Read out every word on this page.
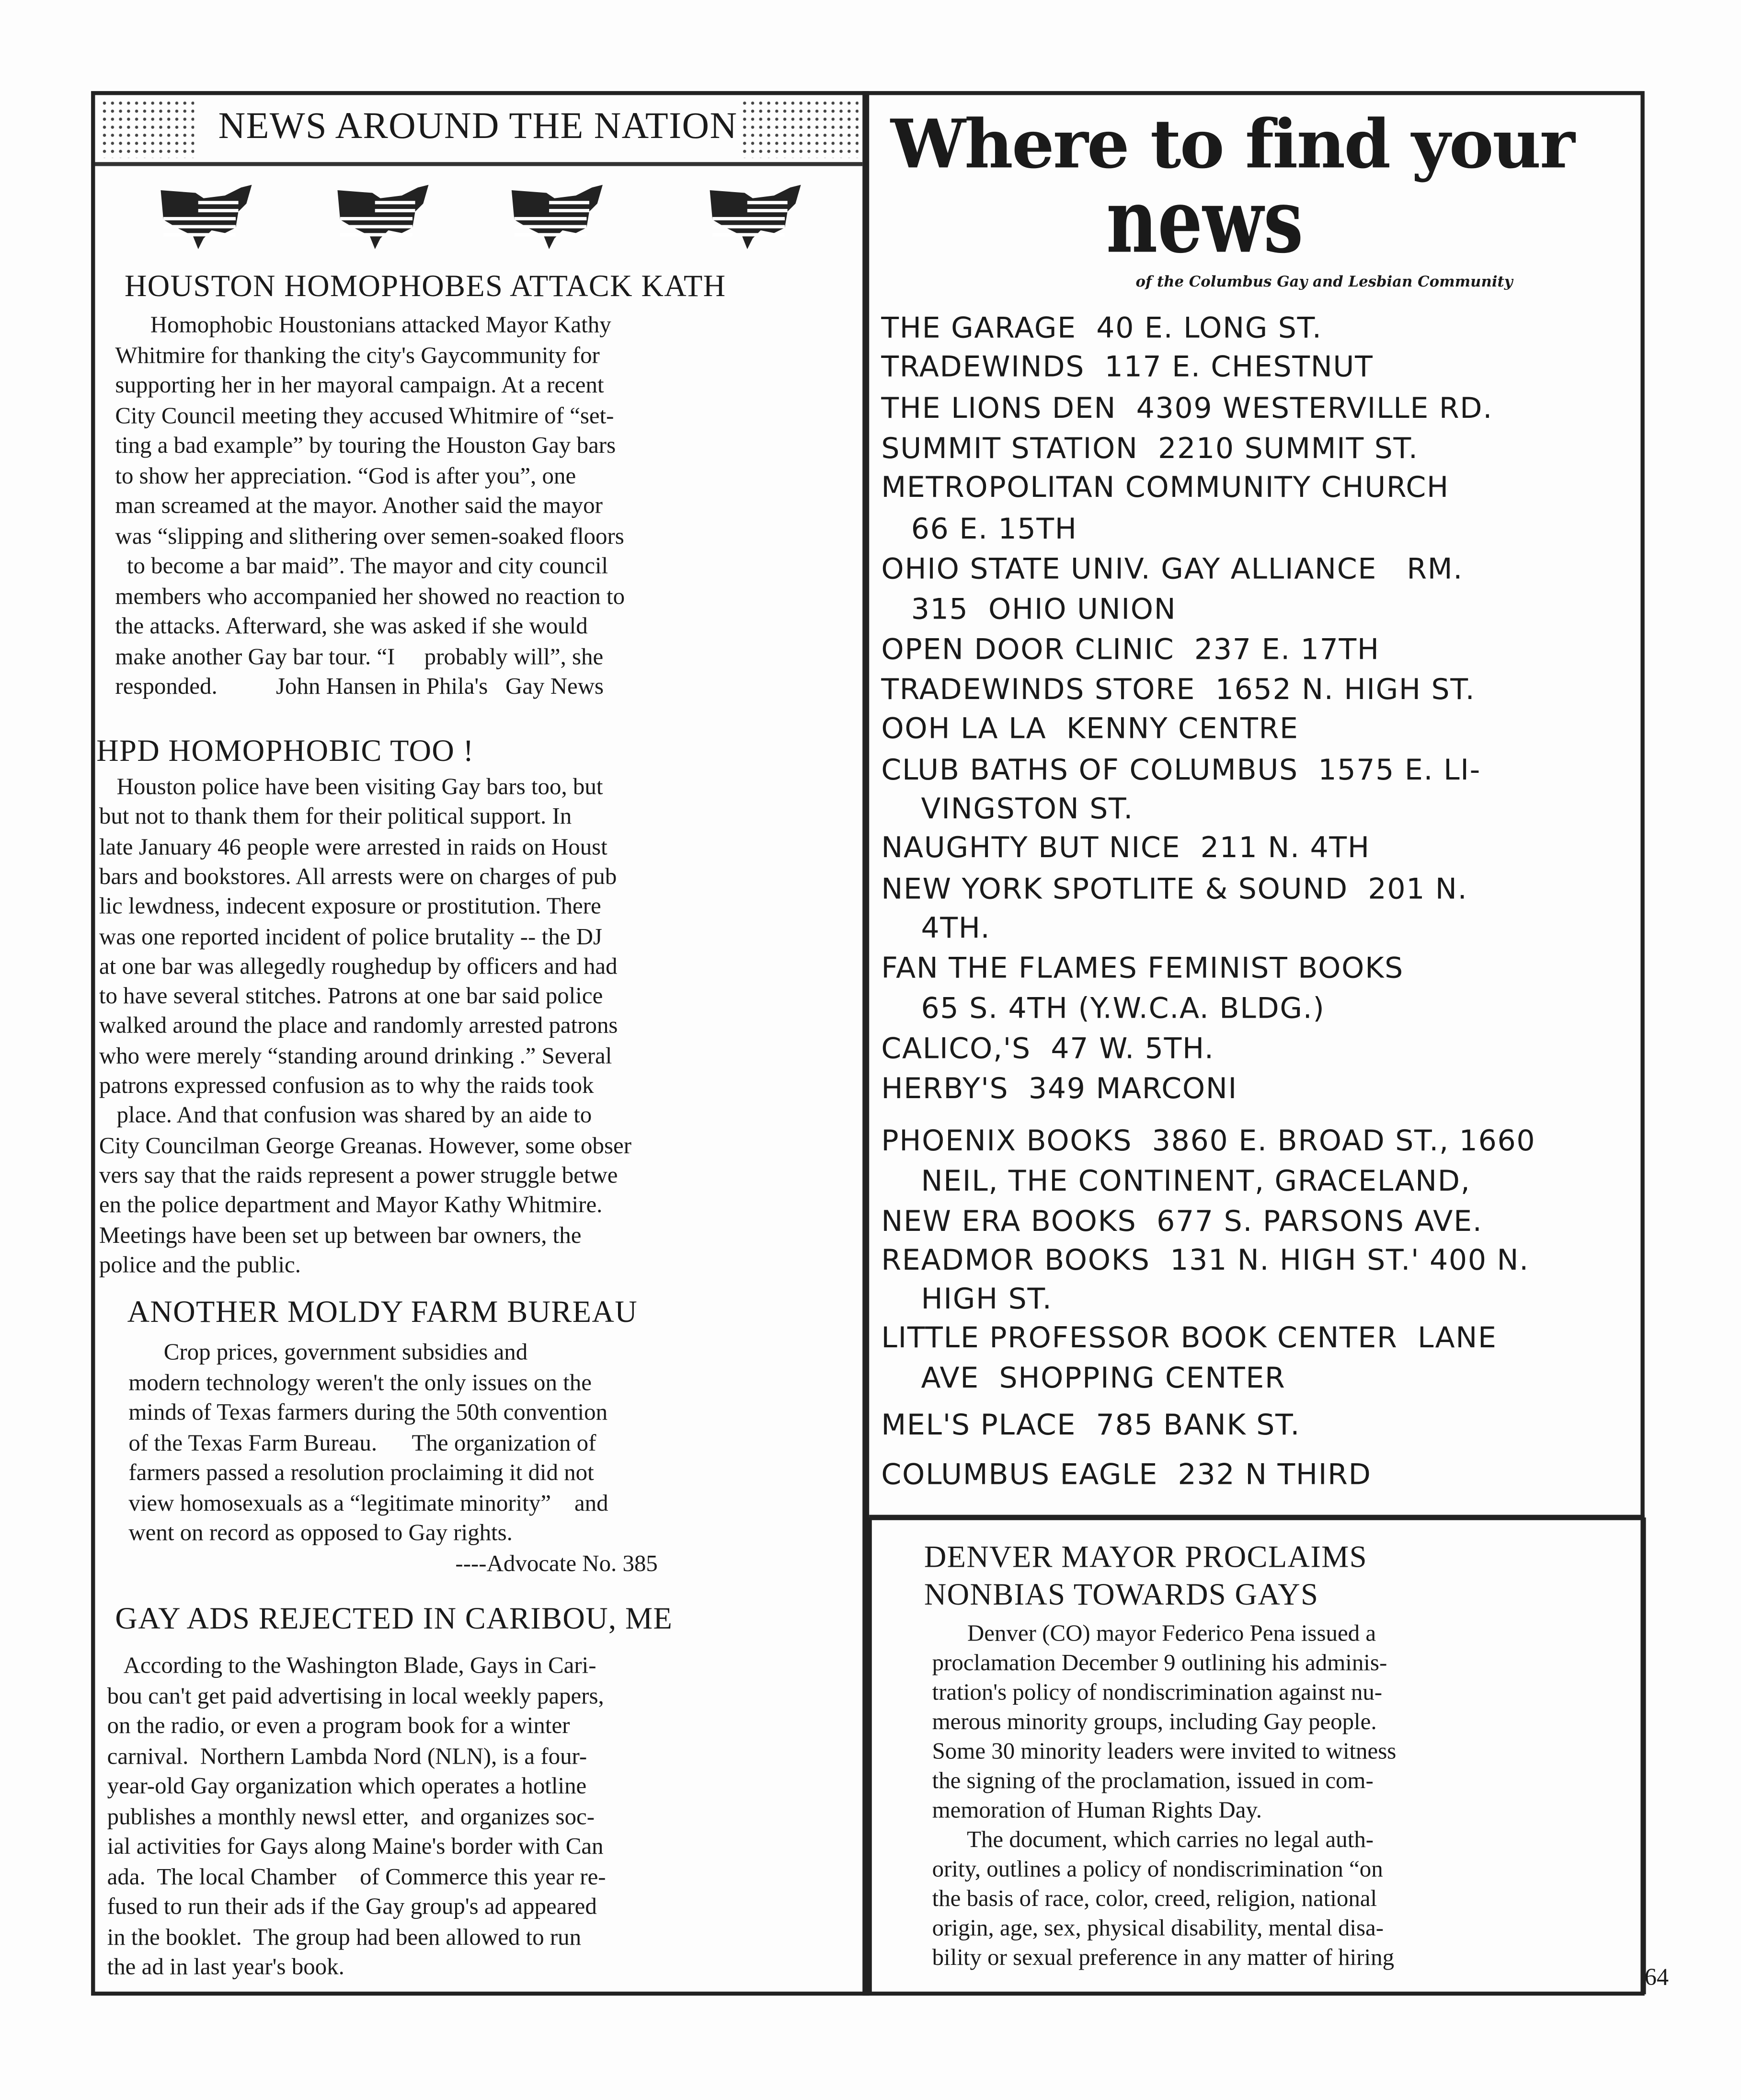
NEWS AROUND THE NATION	Where to find your
news
of the Columbus Gay and Lesbian Community
64
HOUSTON HOMOPHOBES ATTACK KATH
Homophobic Houstonians attacked Mayor Kathy
Whitmire for thanking the city's Gaycommunity for
supporting her in her mayoral campaign. At a recent
City Council meeting they accused Whitmire of “set-
ting a bad example” by touring the Houston Gay bars
to show her appreciation. “God is after you”, one
man screamed at the mayor. Another said the mayor
was “slipping and slithering over semen-soaked floors
to become a bar maid”. The mayor and city council
members who accompanied her showed no reaction to
the attacks. Afterward, she was asked if she would
make another Gay bar tour. “I     probably will”, she
responded.          John Hansen in Phila's   Gay News
HPD HOMOPHOBIC TOO !
Houston police have been visiting Gay bars too, but
but not to thank them for their political support. In
late January 46 people were arrested in raids on Houst
bars and bookstores. All arrests were on charges of pub
lic lewdness, indecent exposure or prostitution. There
was one reported incident of police brutality -- the DJ
at one bar was allegedly roughedup by officers and had
to have several stitches. Patrons at one bar said police
walked around the place and randomly arrested patrons
who were merely “standing around drinking .” Several
patrons expressed confusion as to why the raids took
place. And that confusion was shared by an aide to
City Councilman George Greanas. However, some obser
vers say that the raids represent a power struggle betwe
en the police department and Mayor Kathy Whitmire.
Meetings have been set up between bar owners, the
police and the public.
ANOTHER MOLDY FARM BUREAU
Crop prices, government subsidies and
modern technology weren't the only issues on the
minds of Texas farmers during the 50th convention
of the Texas Farm Bureau.      The organization of
farmers passed a resolution proclaiming it did not
view homosexuals as a “legitimate minority”    and
went on record as opposed to Gay rights.
----Advocate No. 385
GAY ADS REJECTED IN CARIBOU, ME
According to the Washington Blade, Gays in Cari-
bou can't get paid advertising in local weekly papers,
on the radio, or even a program book for a winter
carnival.  Northern Lambda Nord (NLN), is a four-
year-old Gay organization which operates a hotline
publishes a monthly newsl etter,  and organizes soc-
ial activities for Gays along Maine's border with Can
ada.  The local Chamber    of Commerce this year re-
fused to run their ads if the Gay group's ad appeared
in the booklet.  The group had been allowed to run
the ad in last year's book.
THE GARAGE  40 E. LONG ST.
TRADEWINDS  117 E. CHESTNUT
THE LIONS DEN  4309 WESTERVILLE RD.
SUMMIT STATION  2210 SUMMIT ST.
METROPOLITAN COMMUNITY CHURCH
66 E. 15TH
OHIO STATE UNIV. GAY ALLIANCE   RM.
315  OHIO UNION
OPEN DOOR CLINIC  237 E. 17TH
TRADEWINDS STORE  1652 N. HIGH ST.
OOH LA LA  KENNY CENTRE
CLUB BATHS OF COLUMBUS  1575 E. LI-
VINGSTON ST.
NAUGHTY BUT NICE  211 N. 4TH
NEW YORK SPOTLITE & SOUND  201 N.
4TH.
FAN THE FLAMES FEMINIST BOOKS
65 S. 4TH (Y.W.C.A. BLDG.)
CALICO,'S  47 W. 5TH.
HERBY'S  349 MARCONI
PHOENIX BOOKS  3860 E. BROAD ST., 1660
NEIL, THE CONTINENT, GRACELAND,
NEW ERA BOOKS  677 S. PARSONS AVE.
READMOR BOOKS  131 N. HIGH ST.' 400 N.
HIGH ST.
LITTLE PROFESSOR BOOK CENTER  LANE
AVE  SHOPPING CENTER
MEL'S PLACE  785 BANK ST.
COLUMBUS EAGLE  232 N THIRD
DENVER MAYOR PROCLAIMS
NONBIAS TOWARDS GAYS
Denver (CO) mayor Federico Pena issued a
proclamation December 9 outlining his adminis-
tration's policy of nondiscrimination against nu-
merous minority groups, including Gay people.
Some 30 minority leaders were invited to witness
the signing of the proclamation, issued in com-
memoration of Human Rights Day.
The document, which carries no legal auth-
ority, outlines a policy of nondiscrimination “on
the basis of race, color, creed, religion, national
origin, age, sex, physical disability, mental disa-
bility or sexual preference in any matter of hiring
